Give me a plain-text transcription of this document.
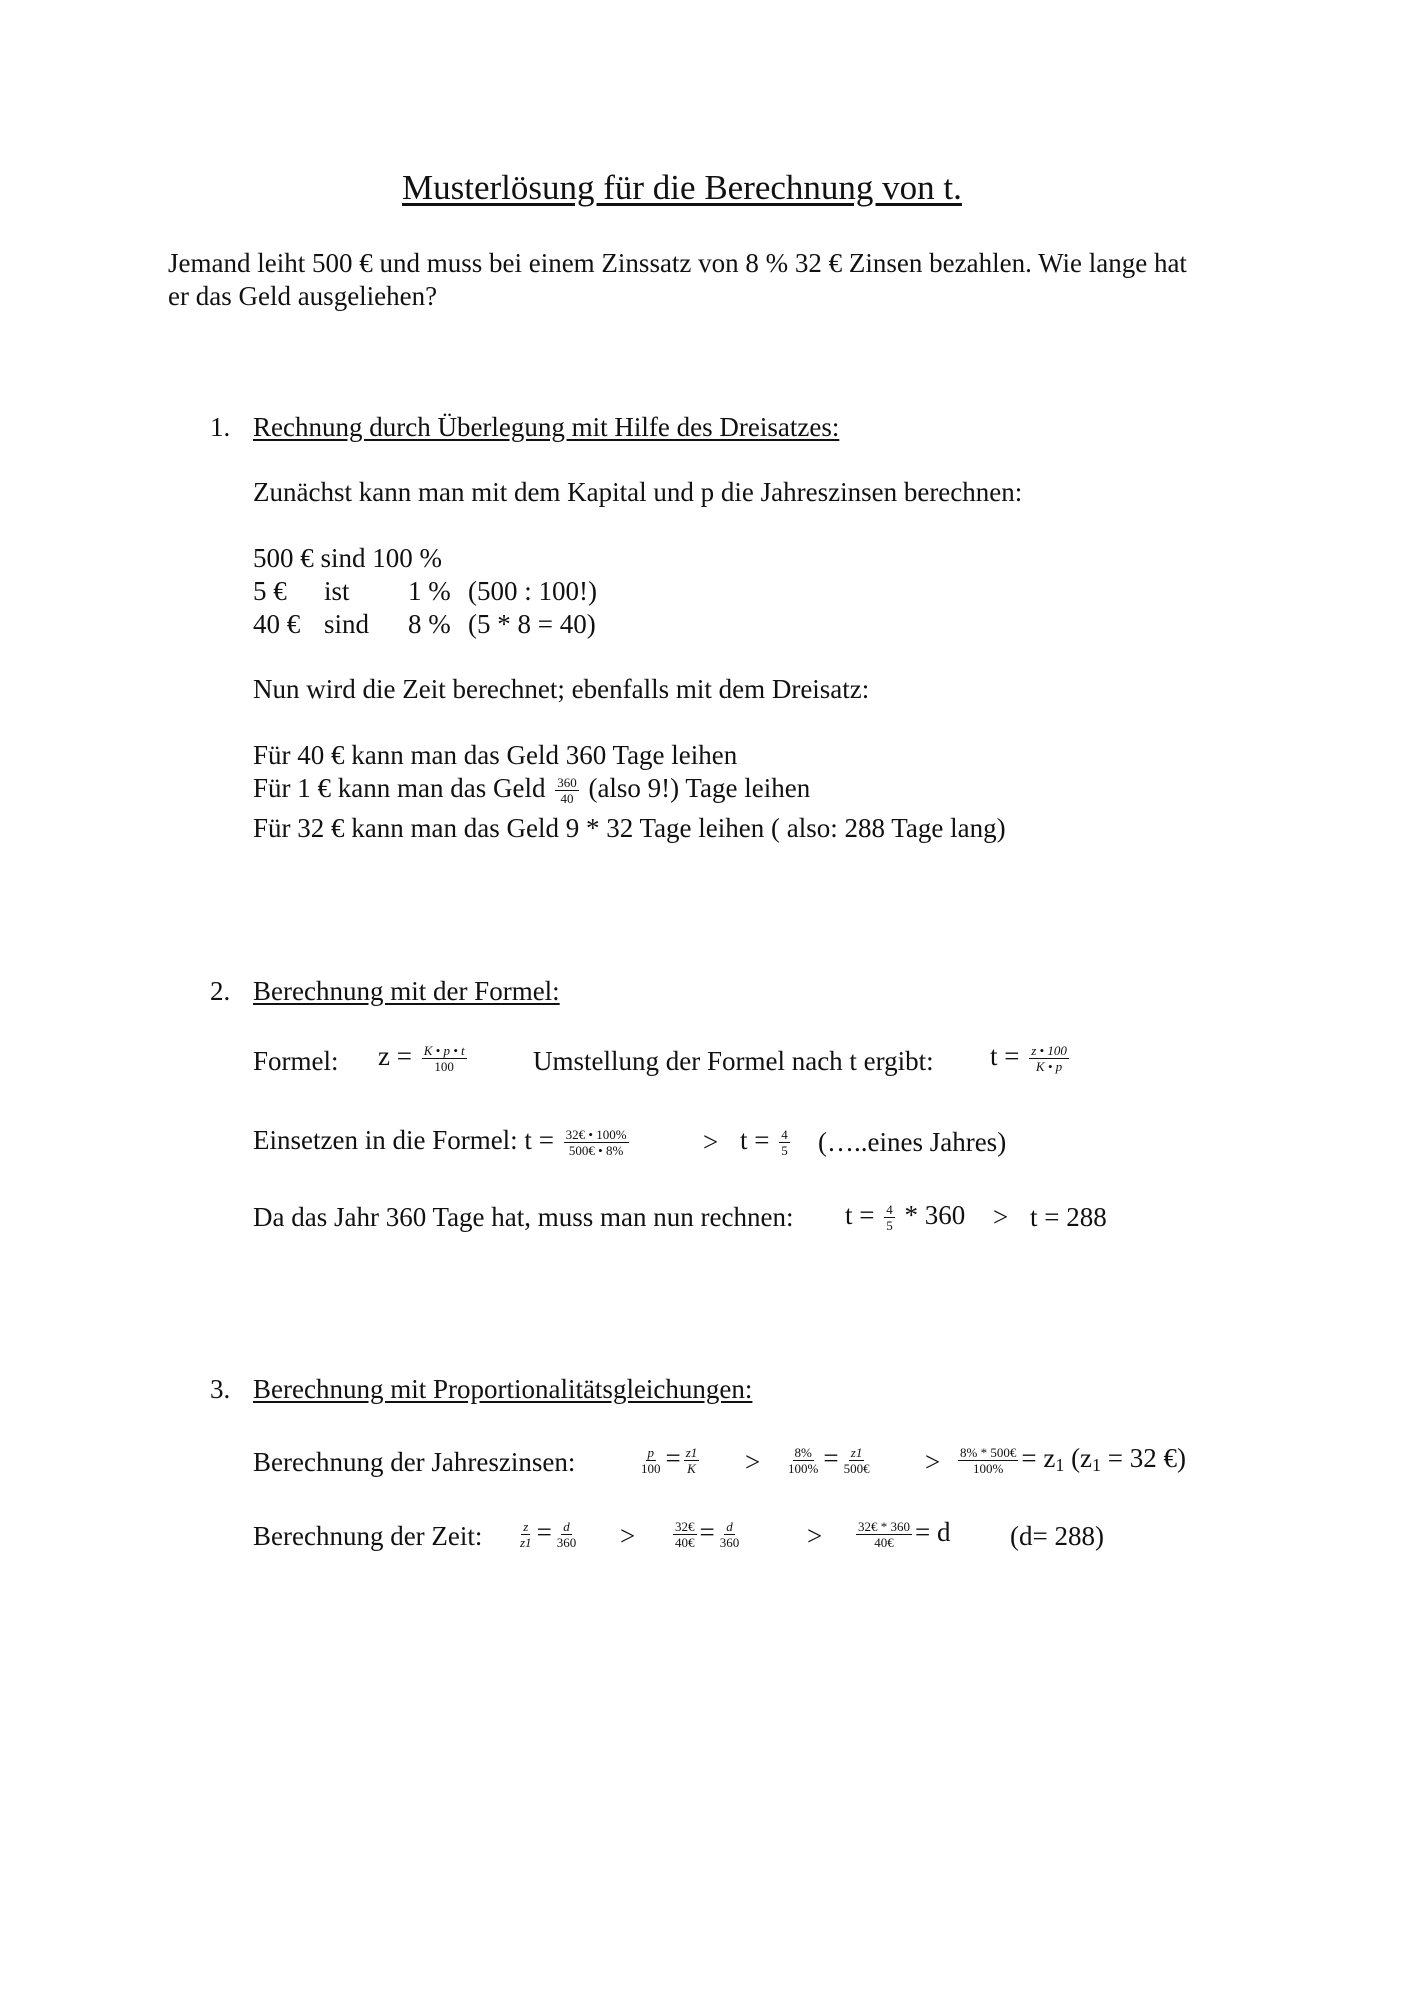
Musterlösung für die Berechnung von t.
Jemand leiht 500 € und muss bei einem Zinssatz von 8 % 32 € Zinsen bezahlen. Wie lange hat
er das Geld ausgeliehen?
1. Rechnung durch Überlegung mit Hilfe des Dreisatzes:
Zunächst kann man mit dem Kapital und p die Jahreszinsen berechnen:
500 € sind 100 %
5 € ist 1 % (500 : 100!)
40 € sind 8 % (5 * 8 = 40)
Nun wird die Zeit berechnet; ebenfalls mit dem Dreisatz:
Für 40 € kann man das Geld 360 Tage leihen
Für 1 € kann man das Geld $\frac{360}{40}$ (also 9!) Tage leihen
Für 32 € kann man das Geld 9 * 32 Tage leihen ( also: 288 Tage lang)
2. Berechnung mit der Formel:
Formel: $z = \frac{K • p • t}{100}$ Umstellung der Formel nach t ergibt: $t = \frac{z • 100}{K • p}$
Einsetzen in die Formel: $t = \frac{32€ • 100\%}{500€ • 8\%}$	> $t = \frac{4}{5}$ (…..eines Jahres)
Da das Jahr 360 Tage hat, muss man nun rechnen: $t = \frac{4}{5} * 360 > t = 288$
3. Berechnung mit Proportionalitätsgleichungen:
Berechnung der Jahreszinsen:	$\frac{p}{100} = \frac{z1}{K} > \frac{8\%}{100\%} = \frac{z1}{500€} > \frac{8\% * 500€}{100\%} = z_1$ ($z_1 = 32$ €)
Berechnung der Zeit:	$\frac{z}{z1} = \frac{d}{360}$ >	$\frac{32€}{40€} = \frac{d}{360}$ >	$\frac{32€ * 360}{40€} = d$ (d= 288)
